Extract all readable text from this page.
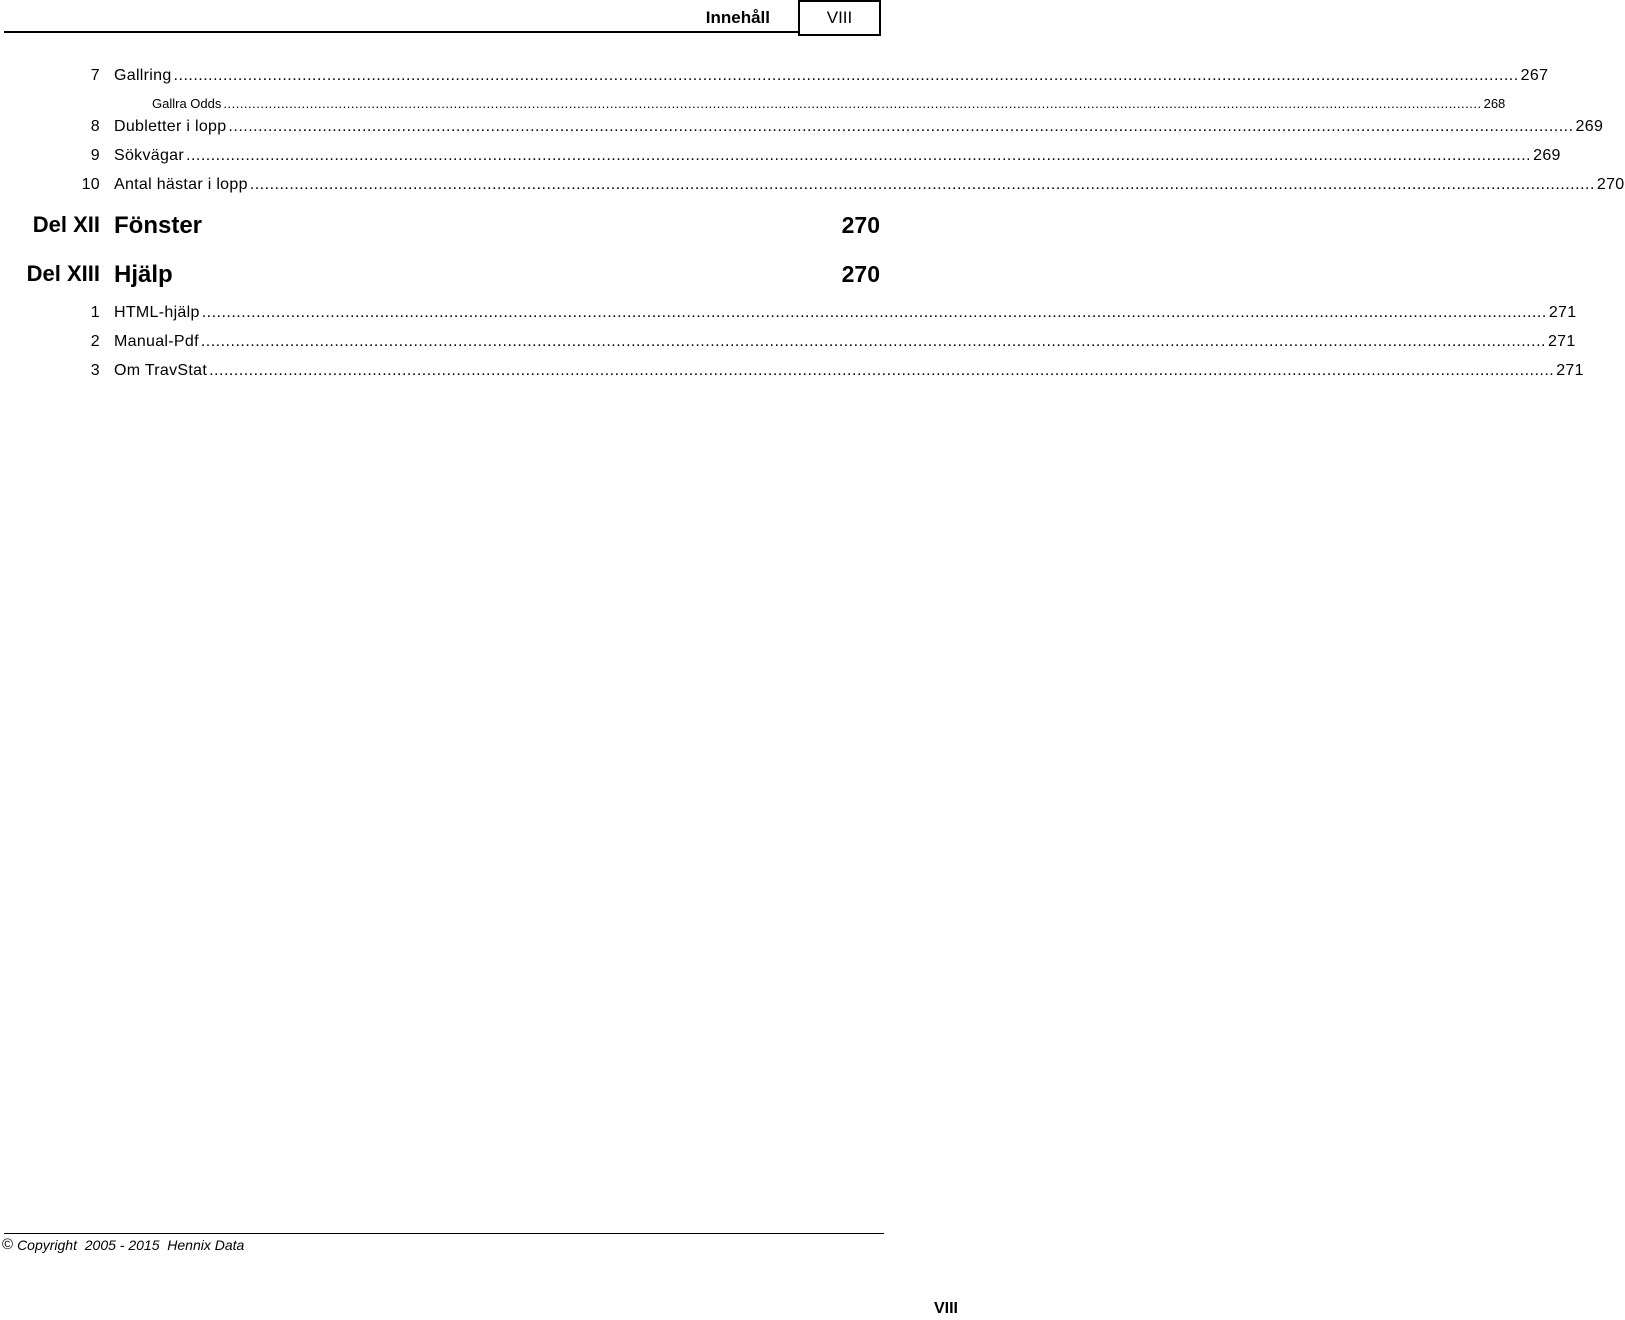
Innehåll	VIII
7 Gallring ................................................................................................................................................................................................................................................................................ 267
Gallra Odds .................................................................................................................................................................................................................................................................................................................. 268
8 Dubletter i lopp ................................................................................................................................................................................................................................................................................ 269
9 Sökvägar ................................................................................................................................................................................................................................................................................ 269
10 Antal hästar i lopp ................................................................................................................................................................................................................................................................................ 270
Del XII Fönster	270
Del XIII Hjälp	270
1 HTML-hjälp ................................................................................................................................................................................................................................................................................ 271
2 Manual-Pdf ................................................................................................................................................................................................................................................................................ 271
3 Om TravStat ................................................................................................................................................................................................................................................................................ 271
© Copyright  2005 - 2015  Hennix Data
VIII
